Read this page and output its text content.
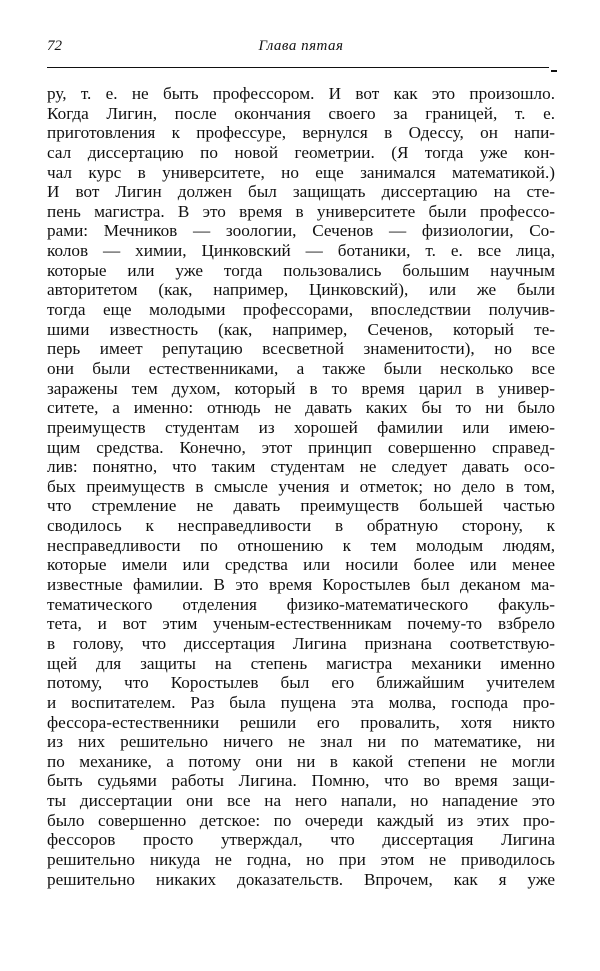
72	Глава пятая
ру, т. е. не быть профессором. И вот как это произошло.
Когда Лигин, после окончания своего за границей, т. е.
приготовления к профессуре, вернулся в Одессу, он напи-
сал диссертацию по новой геометрии. (Я тогда уже кон-
чал курс в университете, но еще занимался математикой.)
И вот Лигин должен был защищать диссертацию на сте-
пень магистра. В это время в университете были профессо-
рами: Мечников — зоологии, Сеченов — физиологии, Со-
колов — химии, Цинковский — ботаники, т. е. все лица,
которые или уже тогда пользовались большим научным
авторитетом (как, например, Цинковский), или же были
тогда еще молодыми профессорами, впоследствии получив-
шими известность (как, например, Сеченов, который те-
перь имеет репутацию всесветной знаменитости), но все
они были естественниками, а также были несколько все
заражены тем духом, который в то время царил в универ-
ситете, а именно: отнюдь не давать каких бы то ни было
преимуществ студентам из хорошей фамилии или имею-
щим средства. Конечно, этот принцип совершенно справед-
лив: понятно, что таким студентам не следует давать осо-
бых преимуществ в смысле учения и отметок; но дело в том,
что стремление не давать преимуществ большей частью
сводилось к несправедливости в обратную сторону, к
несправедливости по отношению к тем молодым людям,
которые имели или средства или носили более или менее
известные фамилии. В это время Коростылев был деканом ма-
тематического отделения физико-математического факуль-
тета, и вот этим ученым-естественникам почему-то взбрело
в голову, что диссертация Лигина признана соответствую-
щей для защиты на степень магистра механики именно
потому, что Коростылев был его ближайшим учителем
и воспитателем. Раз была пущена эта молва, господа про-
фессора-естественники решили его провалить, хотя никто
из них решительно ничего не знал ни по математике, ни
по механике, а потому они ни в какой степени не могли
быть судьями работы Лигина. Помню, что во время защи-
ты диссертации они все на него напали, но нападение это
было совершенно детское: по очереди каждый из этих про-
фессоров просто утверждал, что диссертация Лигина
решительно никуда не годна, но при этом не приводилось
решительно никаких доказательств. Впрочем, как я уже
